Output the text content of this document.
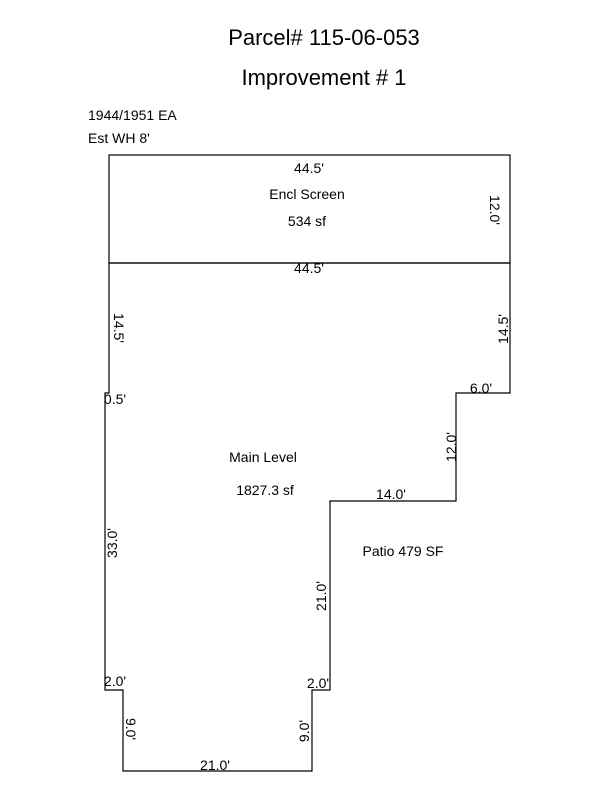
Parcel# 115-06-053
Improvement # 1
1944/1951 EA
Est WH 8'
Encl Screen
534 sf
Main Level
1827.3 sf
Patio 479 SF
44.5'
44.5'
6.0'
0.5'
14.0'
2.0'	2.0'
21.0'
12.0'
14.5'
14.5'
12.0'
33.0'
21.0'
9.0'	9.0'
